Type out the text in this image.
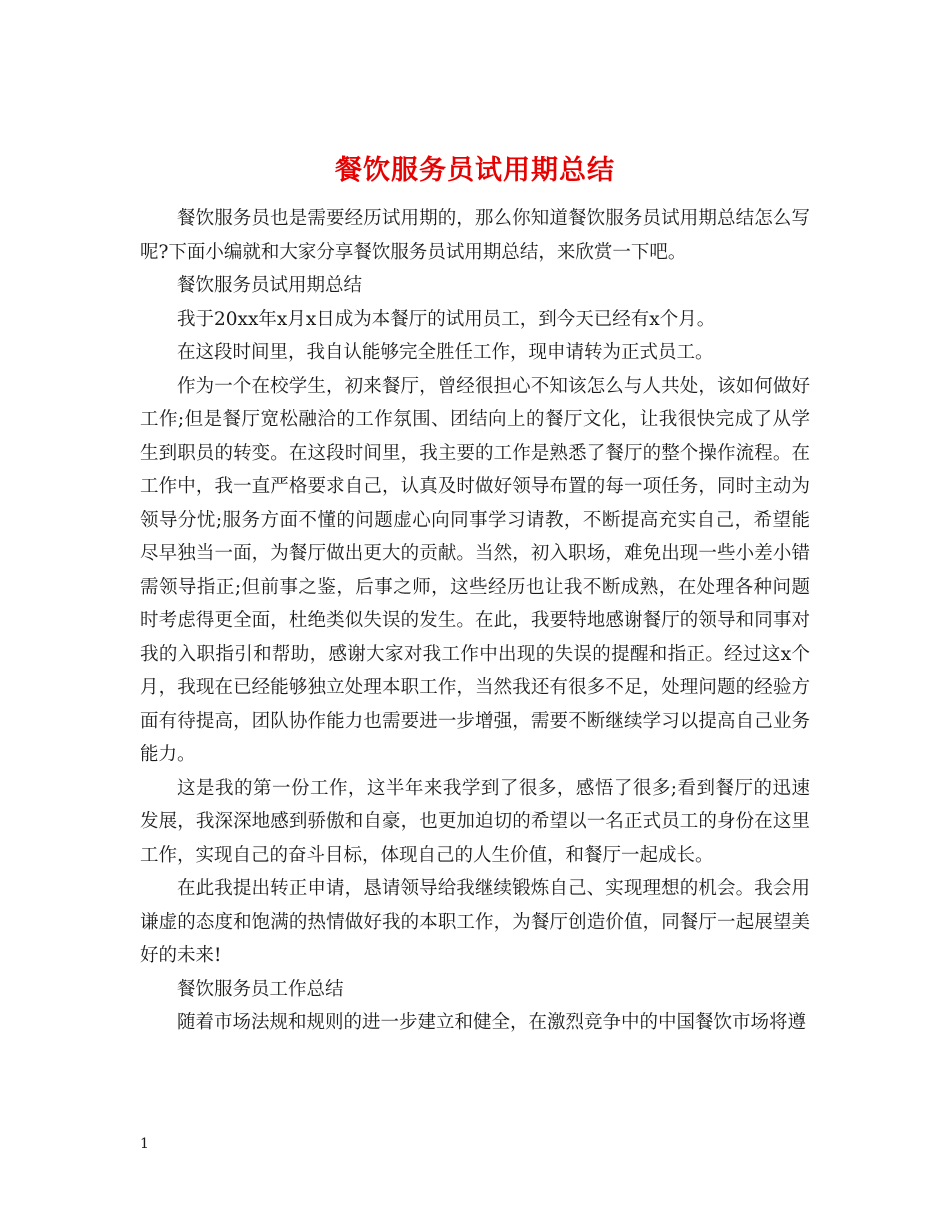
餐饮服务员试用期总结

餐饮服务员也是需要经历试用期的，那么你知道餐饮服务员试用期总结怎么写呢?下面小编就和大家分享餐饮服务员试用期总结，来欣赏一下吧。

餐饮服务员试用期总结

我于20xx年x月x日成为本餐厅的试用员工，到今天已经有x个月。

在这段时间里，我自认能够完全胜任工作，现申请转为正式员工。

作为一个在校学生，初来餐厅，曾经很担心不知该怎么与人共处，该如何做好工作;但是餐厅宽松融洽的工作氛围、团结向上的餐厅文化，让我很快完成了从学生到职员的转变。在这段时间里，我主要的工作是熟悉了餐厅的整个操作流程。在工作中，我一直严格要求自己，认真及时做好领导布置的每一项任务，同时主动为领导分忧;服务方面不懂的问题虚心向同事学习请教，不断提高充实自己，希望能尽早独当一面，为餐厅做出更大的贡献。当然，初入职场，难免出现一些小差小错需领导指正;但前事之鉴，后事之师，这些经历也让我不断成熟，在处理各种问题时考虑得更全面，杜绝类似失误的发生。在此，我要特地感谢餐厅的领导和同事对我的入职指引和帮助，感谢大家对我工作中出现的失误的提醒和指正。经过这x个月，我现在已经能够独立处理本职工作，当然我还有很多不足，处理问题的经验方面有待提高，团队协作能力也需要进一步增强，需要不断继续学习以提高自己业务能力。

这是我的第一份工作，这半年来我学到了很多，感悟了很多;看到餐厅的迅速发展，我深深地感到骄傲和自豪，也更加迫切的希望以一名正式员工的身份在这里工作，实现自己的奋斗目标，体现自己的人生价值，和餐厅一起成长。

在此我提出转正申请，恳请领导给我继续锻炼自己、实现理想的机会。我会用谦虚的态度和饱满的热情做好我的本职工作，为餐厅创造价值，同餐厅一起展望美好的未来!

餐饮服务员工作总结

随着市场法规和规则的进一步建立和健全，在激烈竞争中的中国餐饮市场将遵

1
